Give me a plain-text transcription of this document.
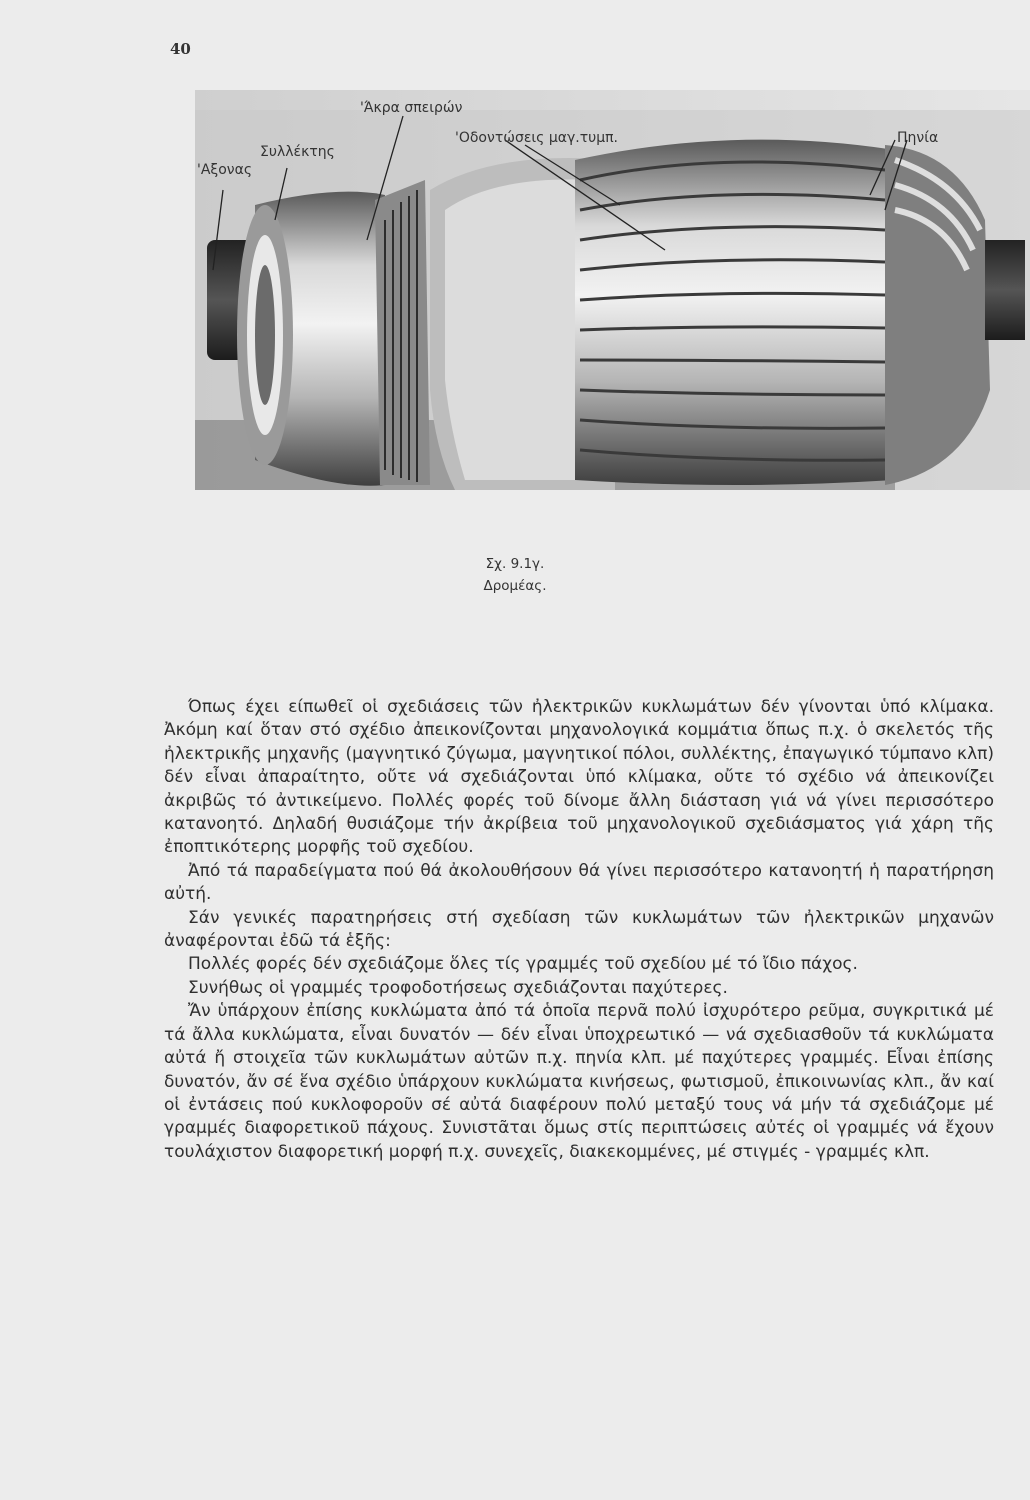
40
'Αξονας
Συλλέκτης
'Άκρα σπειρών
'Οδοντώσεις μαγ.τυμπ.	Πηνία
Σχ. 9.1γ.
Δρομέας.

Όπως έχει είπωθεῖ οἱ σχεδιάσεις τῶν ἠλεκτρικῶν κυκλωμάτων δέν γίνονται ὑπό κλίμακα. Ἀκόμη καί ὅταν στό σχέδιο ἀπεικονίζονται μηχανολογικά κομμάτια ὅπως π.χ. ὁ σκελετός τῆς ἠλεκτρικῆς μηχανῆς (μαγνητικό ζύγωμα, μαγνητικοί πόλοι, συλλέκτης, ἐπαγωγικό τύμπανο κλπ) δέν εἶναι ἀπαραίτητο, οὔτε νά σχεδιάζονται ὑπό κλίμακα, οὔτε τό σχέδιο νά ἀπεικονίζει ἀκριβῶς τό ἀντικείμενο. Πολλές φορές τοῦ δίνομε ἄλλη διάσταση γιά νά γίνει περισσότερο κατανοητό. Δηλαδή θυσιάζομε τήν ἀκρίβεια τοῦ μηχανολογικοῦ σχεδιάσματος γιά χάρη τῆς ἐποπτικότερης μορφῆς τοῦ σχεδίου.

Ἀπό τά παραδείγματα πού θά ἀκολουθήσουν θά γίνει περισσότερο κατανοητή ἡ παρατήρηση αὐτή.

Σάν γενικές παρατηρήσεις στή σχεδίαση τῶν κυκλωμάτων τῶν ἠλεκτρικῶν μηχανῶν ἀναφέρονται ἐδῶ τά ἑξῆς:

Πολλές φορές δέν σχεδιάζομε ὅλες τίς γραμμές τοῦ σχεδίου μέ τό ἴδιο πάχος.

Συνήθως οἱ γραμμές τροφοδοτήσεως σχεδιάζονται παχύτερες.

Ἄν ὑπάρχουν ἐπίσης κυκλώματα ἀπό τά ὁποῖα περνᾶ πολύ ἰσχυρότερο ρεῦμα, συγκριτικά μέ τά ἄλλα κυκλώματα, εἶναι δυνατόν — δέν εἶναι ὑποχρεωτικό — νά σχεδιασθοῦν τά κυκλώματα αὐτά ἤ στοιχεῖα τῶν κυκλωμάτων αὐτῶν π.χ. πηνία κλπ. μέ παχύτερες γραμμές. Εἶναι ἐπίσης δυνατόν, ἄν σέ ἕνα σχέδιο ὑπάρχουν κυκλώματα κινήσεως, φωτισμοῦ, ἐπικοινωνίας κλπ., ἄν καί οἱ ἐντάσεις πού κυκλοφοροῦν σέ αὐτά διαφέρουν πολύ μεταξύ τους νά μήν τά σχεδιάζομε μέ γραμμές διαφορετικοῦ πάχους. Συνιστᾶται ὅμως στίς περιπτώσεις αὐτές οἱ γραμμές νά ἔχουν τουλάχιστον διαφορετική μορφή π.χ. συνεχεῖς, διακεκομμένες, μέ στιγμές - γραμμές κλπ.
